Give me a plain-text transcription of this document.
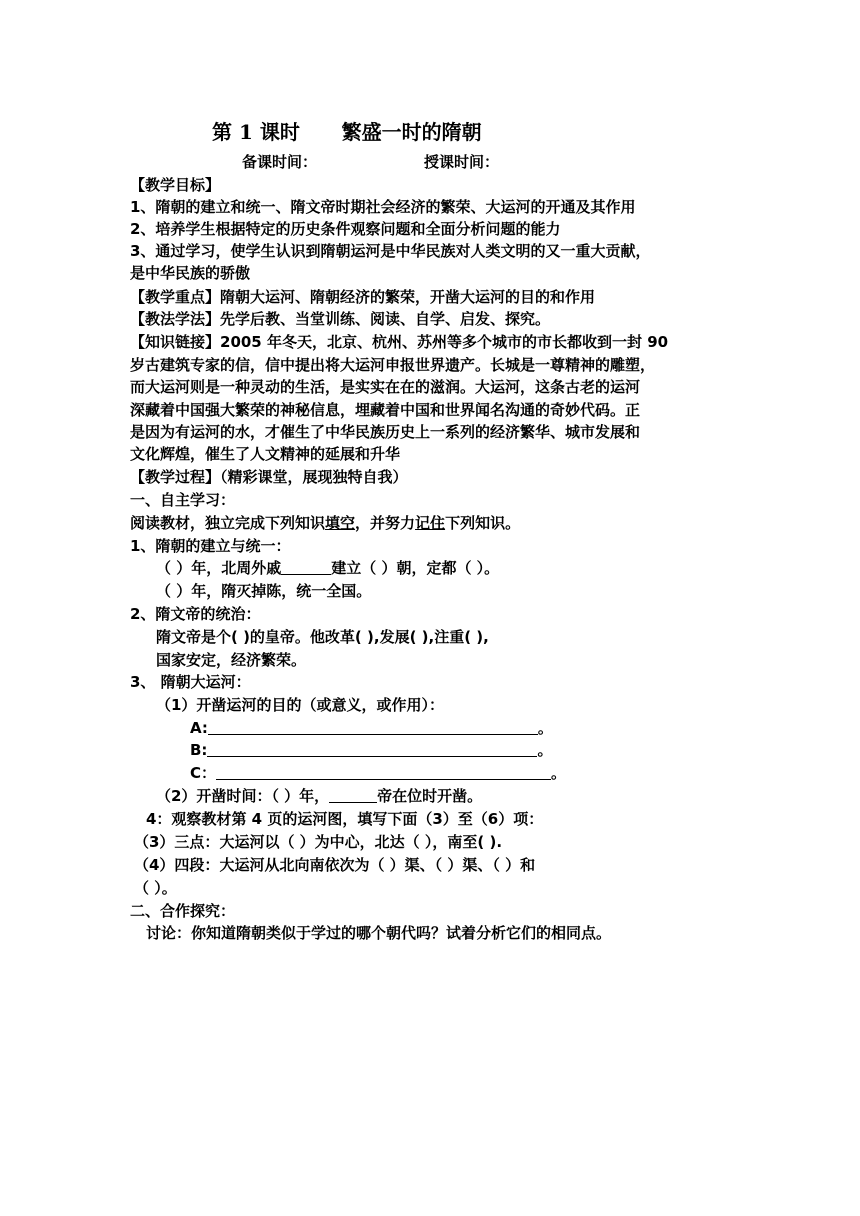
第 1 课时      繁盛一时的隋朝
备课时间：	授课时间：
【教学目标】
1、隋朝的建立和统一、隋文帝时期社会经济的繁荣、大运河的开通及其作用
2、培养学生根据特定的历史条件观察问题和全面分析问题的能力
3、通过学习，使学生认识到隋朝运河是中华民族对人类文明的又一重大贡献，
是中华民族的骄傲
【教学重点】隋朝大运河、隋朝经济的繁荣，开凿大运河的目的和作用
【教法学法】先学后教、当堂训练、阅读、自学、启发、探究。
【知识链接】2005 年冬天，北京、杭州、苏州等多个城市的市长都收到一封 90
岁古建筑专家的信，信中提出将大运河申报世界遗产。长城是一尊精神的雕塑，
而大运河则是一种灵动的生活，是实实在在的滋润。大运河，这条古老的运河
深藏着中国强大繁荣的神秘信息，埋藏着中国和世界闻名沟通的奇妙代码。正
是因为有运河的水，才催生了中华民族历史上一系列的经济繁华、城市发展和
文化辉煌，催生了人文精神的延展和升华
【教学过程】（精彩课堂，展现独特自我）
一、自主学习：
阅读教材，独立完成下列知识填空，并努力记住下列知识。
1、隋朝的建立与统一：
（ ）年，北周外戚	建立（ ）朝，定都（ ）。
（ ）年，隋灭掉陈，统一全国。
2、隋文帝的统治：
隋文帝是个( )的皇帝。他改革( ),发展( ),注重( ),
国家安定，经济繁荣。
3、 隋朝大运河：
（1）开凿运河的目的（或意义，或作用）：
A:	。
B:	。
C：	。
（2）开凿时间：（ ）年，	帝在位时开凿。
4：观察教材第 4 页的运河图，填写下面（3）至（6）项：
（3）三点：大运河以（ ）为中心，北达（ ），南至( ).
（4）四段：大运河从北向南依次为（ ）渠、（ ）渠、（ ）和
（ ）。
二、合作探究：
讨论：你知道隋朝类似于学过的哪个朝代吗？试着分析它们的相同点。
